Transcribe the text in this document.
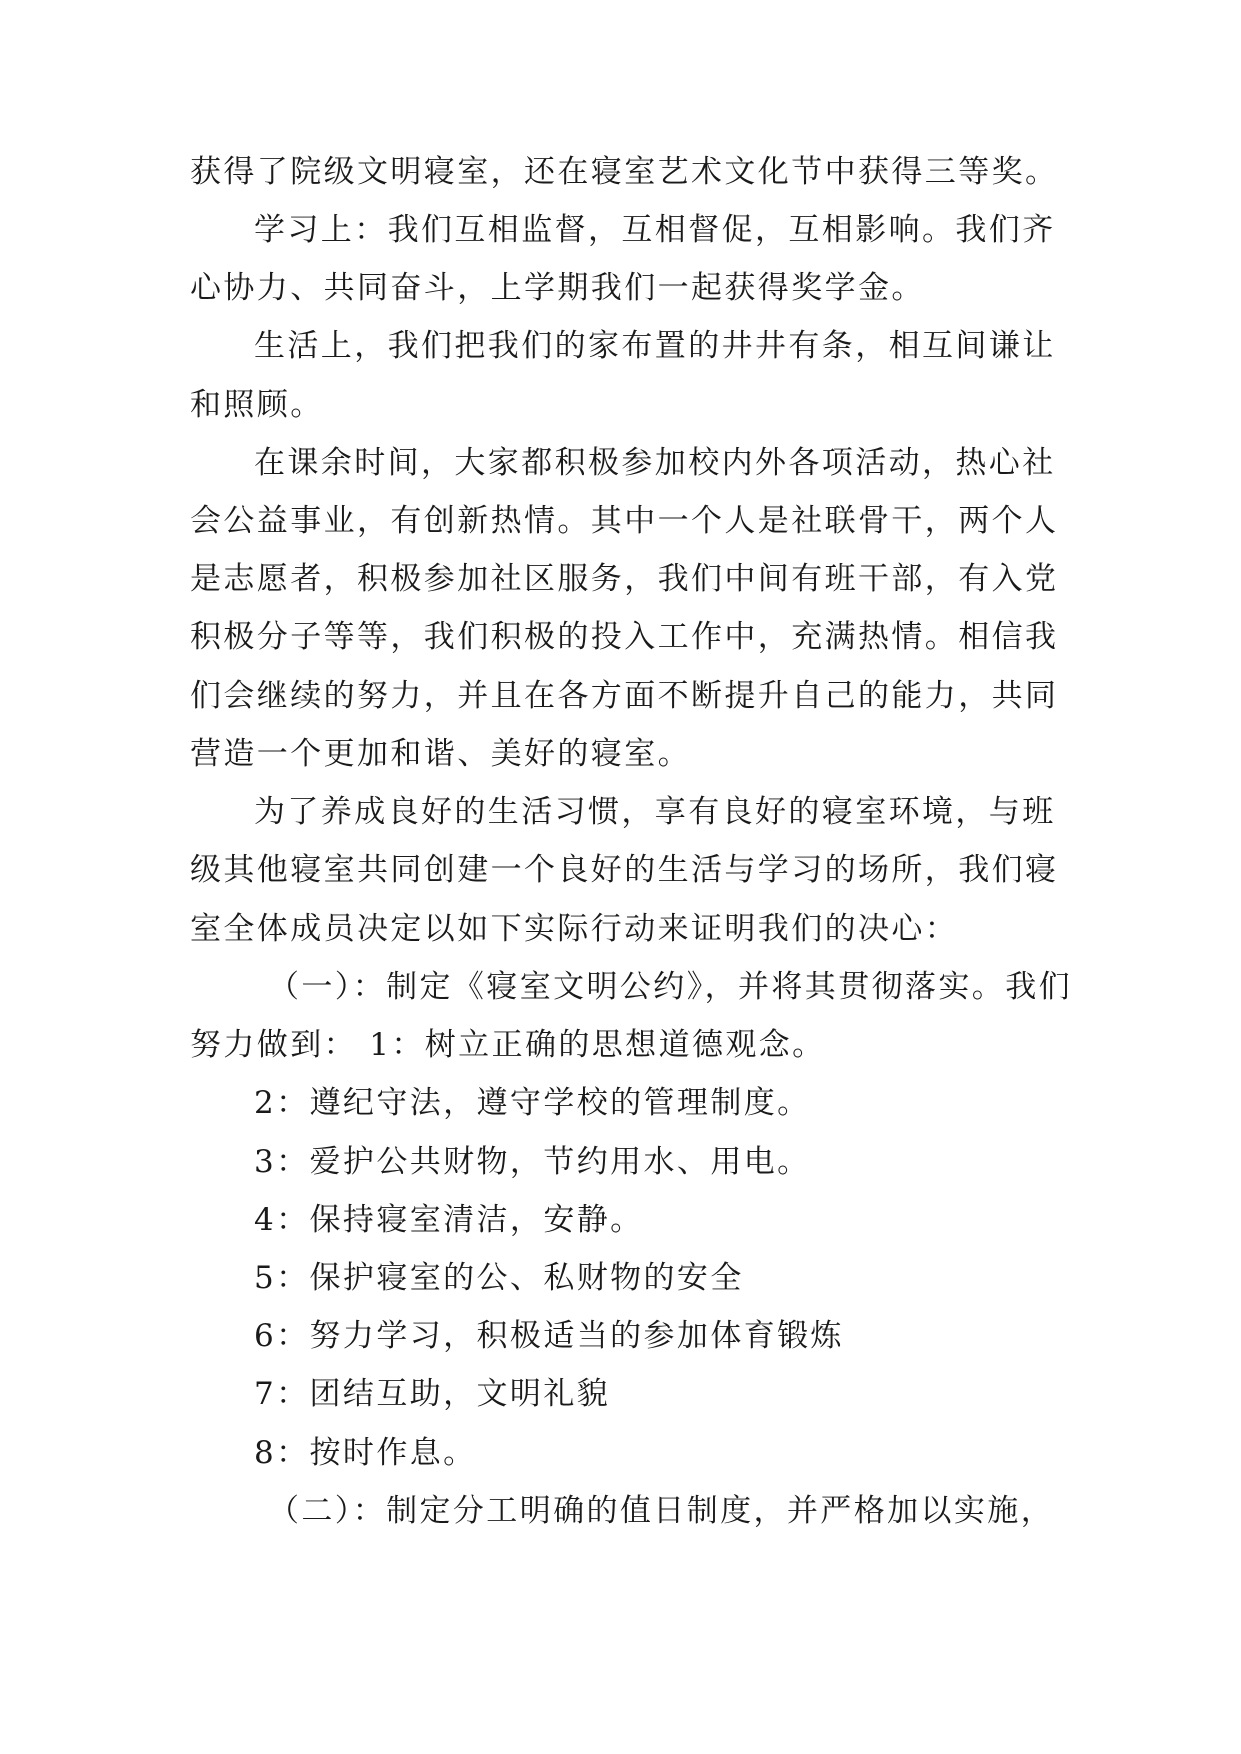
获得了院级文明寝室，还在寝室艺术文化节中获得三等奖。
学习上：我们互相监督，互相督促，互相影响。我们齐
心协力、共同奋斗，上学期我们一起获得奖学金。
生活上，我们把我们的家布置的井井有条，相互间谦让
和照顾。
在课余时间，大家都积极参加校内外各项活动，热心社
会公益事业，有创新热情。其中一个人是社联骨干，两个人
是志愿者，积极参加社区服务，我们中间有班干部，有入党
积极分子等等，我们积极的投入工作中，充满热情。相信我
们会继续的努力，并且在各方面不断提升自己的能力，共同
营造一个更加和谐、美好的寝室。
为了养成良好的生活习惯，享有良好的寝室环境，与班
级其他寝室共同创建一个良好的生活与学习的场所，我们寝
室全体成员决定以如下实际行动来证明我们的决心：
（一）：制定《寝室文明公约》，并将其贯彻落实。我们
努力做到： 1：树立正确的思想道德观念。
2：遵纪守法，遵守学校的管理制度。
3：爱护公共财物，节约用水、用电。
4：保持寝室清洁，安静。
5：保护寝室的公、私财物的安全
6：努力学习，积极适当的参加体育锻炼
7：团结互助，文明礼貌
8：按时作息。
（二）：制定分工明确的值日制度，并严格加以实施，
